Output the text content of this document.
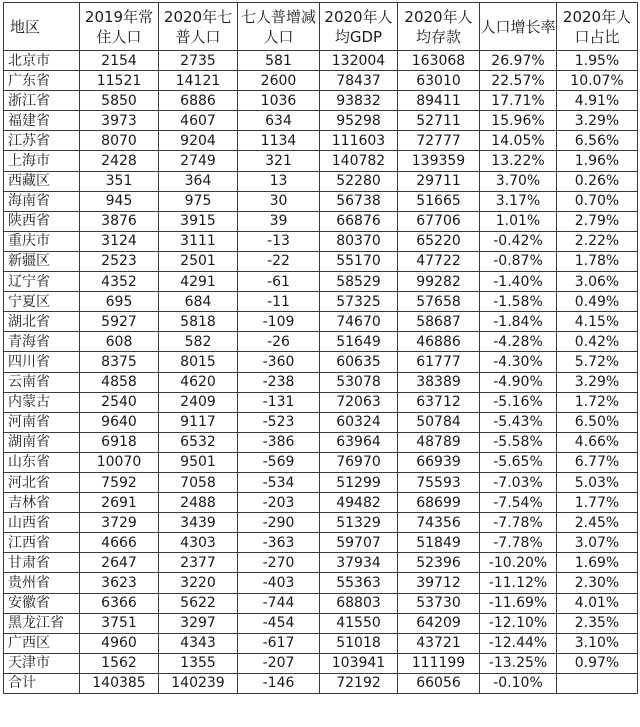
地区	2019年常住人口	2020年七普人口	七人普增减人口	2020年人均GDP	2020年人均存款	人口增长率	2020年人口占比
北京市	2154	2735	581	132004	163068	26.97%	1.95%
广东省	11521	14121	2600	78437	63010	22.57%	10.07%
浙江省	5850	6886	1036	93832	89411	17.71%	4.91%
福建省	3973	4607	634	95298	52711	15.96%	3.29%
江苏省	8070	9204	1134	111603	72777	14.05%	6.56%
上海市	2428	2749	321	140782	139359	13.22%	1.96%
西藏区	351	364	13	52280	29711	3.70%	0.26%
海南省	945	975	30	56738	51665	3.17%	0.70%
陕西省	3876	3915	39	66876	67706	1.01%	2.79%
重庆市	3124	3111	-13	80370	65220	-0.42%	2.22%
新疆区	2523	2501	-22	55170	47722	-0.87%	1.78%
辽宁省	4352	4291	-61	58529	99282	-1.40%	3.06%
宁夏区	695	684	-11	57325	57658	-1.58%	0.49%
湖北省	5927	5818	-109	74670	58687	-1.84%	4.15%
青海省	608	582	-26	51649	46886	-4.28%	0.42%
四川省	8375	8015	-360	60635	61777	-4.30%	5.72%
云南省	4858	4620	-238	53078	38389	-4.90%	3.29%
内蒙古	2540	2409	-131	72063	63712	-5.16%	1.72%
河南省	9640	9117	-523	60324	50784	-5.43%	6.50%
湖南省	6918	6532	-386	63964	48789	-5.58%	4.66%
山东省	10070	9501	-569	76970	66939	-5.65%	6.77%
河北省	7592	7058	-534	51299	75593	-7.03%	5.03%
吉林省	2691	2488	-203	49482	68699	-7.54%	1.77%
山西省	3729	3439	-290	51329	74356	-7.78%	2.45%
江西省	4666	4303	-363	59707	51849	-7.78%	3.07%
甘肃省	2647	2377	-270	37934	52396	-10.20%	1.69%
贵州省	3623	3220	-403	55363	39712	-11.12%	2.30%
安徽省	6366	5622	-744	68803	53730	-11.69%	4.01%
黑龙江省	3751	3297	-454	41550	64209	-12.10%	2.35%
广西区	4960	4343	-617	51018	43721	-12.44%	3.10%
天津市	1562	1355	-207	103941	111199	-13.25%	0.97%
合计	140385	140239	-146	72192	66056	-0.10%	
